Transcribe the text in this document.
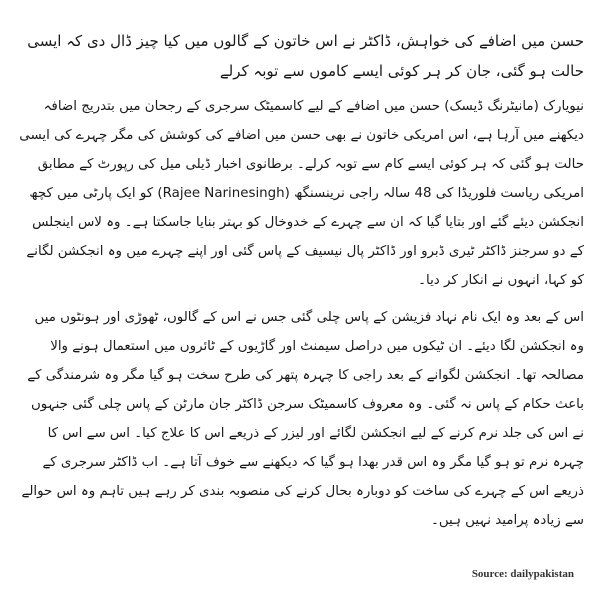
حسن میں اضافے کی خواہش، ڈاکٹر نے اس خاتون کے گالوں میں کیا چیز ڈال دی کہ ایسی حالت ہو گئی، جان کر ہر کوئی ایسے کاموں سے توبہ کرلے

نیویارک (مانیٹرنگ ڈیسک) حسن میں اضافے کے لیے کاسمیٹک سرجری کے رجحان میں بتدریج اضافہ دیکھنے میں آرہا ہے، اس امریکی خاتون نے بھی حسن میں اضافے کی کوشش کی مگر چہرے کی ایسی حالت ہو گئی کہ ہر کوئی ایسے کام سے توبہ کرلے۔ برطانوی اخبار ڈیلی میل کی رپورٹ کے مطابق امریکی ریاست فلوریڈا کی 48 سالہ راجی نرینسنگھ (Rajee Narinesingh) کو ایک پارٹی میں کچھ انجکشن دیئے گئے اور بتایا گیا کہ ان سے چہرے کے خدوخال کو بہتر بنایا جاسکتا ہے۔ وہ لاس اینجلس کے دو سرجنز ڈاکٹر ٹیری ڈبرو اور ڈاکٹر پال نیسیف کے پاس گئی اور اپنے چہرے میں وہ انجکشن لگانے کو کہا، انہوں نے انکار کر دیا۔

اس کے بعد وہ ایک نام نہاد فزیشن کے پاس چلی گئی جس نے اس کے گالوں، ٹھوڑی اور ہونٹوں میں وہ انجکشن لگا دیئے۔ ان ٹیکوں میں دراصل سیمنٹ اور گاڑیوں کے ٹائروں میں استعمال ہونے والا مصالحہ تھا۔ انجکشن لگوانے کے بعد راجی کا چہرہ پتھر کی طرح سخت ہو گیا مگر وہ شرمندگی کے باعث حکام کے پاس نہ گئی۔ وہ معروف کاسمیٹک سرجن ڈاکٹر جان مارٹن کے پاس چلی گئی جنہوں نے اس کی جلد نرم کرنے کے لیے انجکشن لگائے اور لیزر کے ذریعے اس کا علاج کیا۔ اس سے اس کا چہرہ نرم تو ہو گیا مگر وہ اس قدر بھدا ہو گیا کہ دیکھنے سے خوف آتا ہے۔ اب ڈاکٹر سرجری کے ذریعے اس کے چہرے کی ساخت کو دوبارہ بحال کرنے کی منصوبہ بندی کر رہے ہیں تاہم وہ اس حوالے سے زیادہ پرامید نہیں ہیں۔

Source: dailypakistan
